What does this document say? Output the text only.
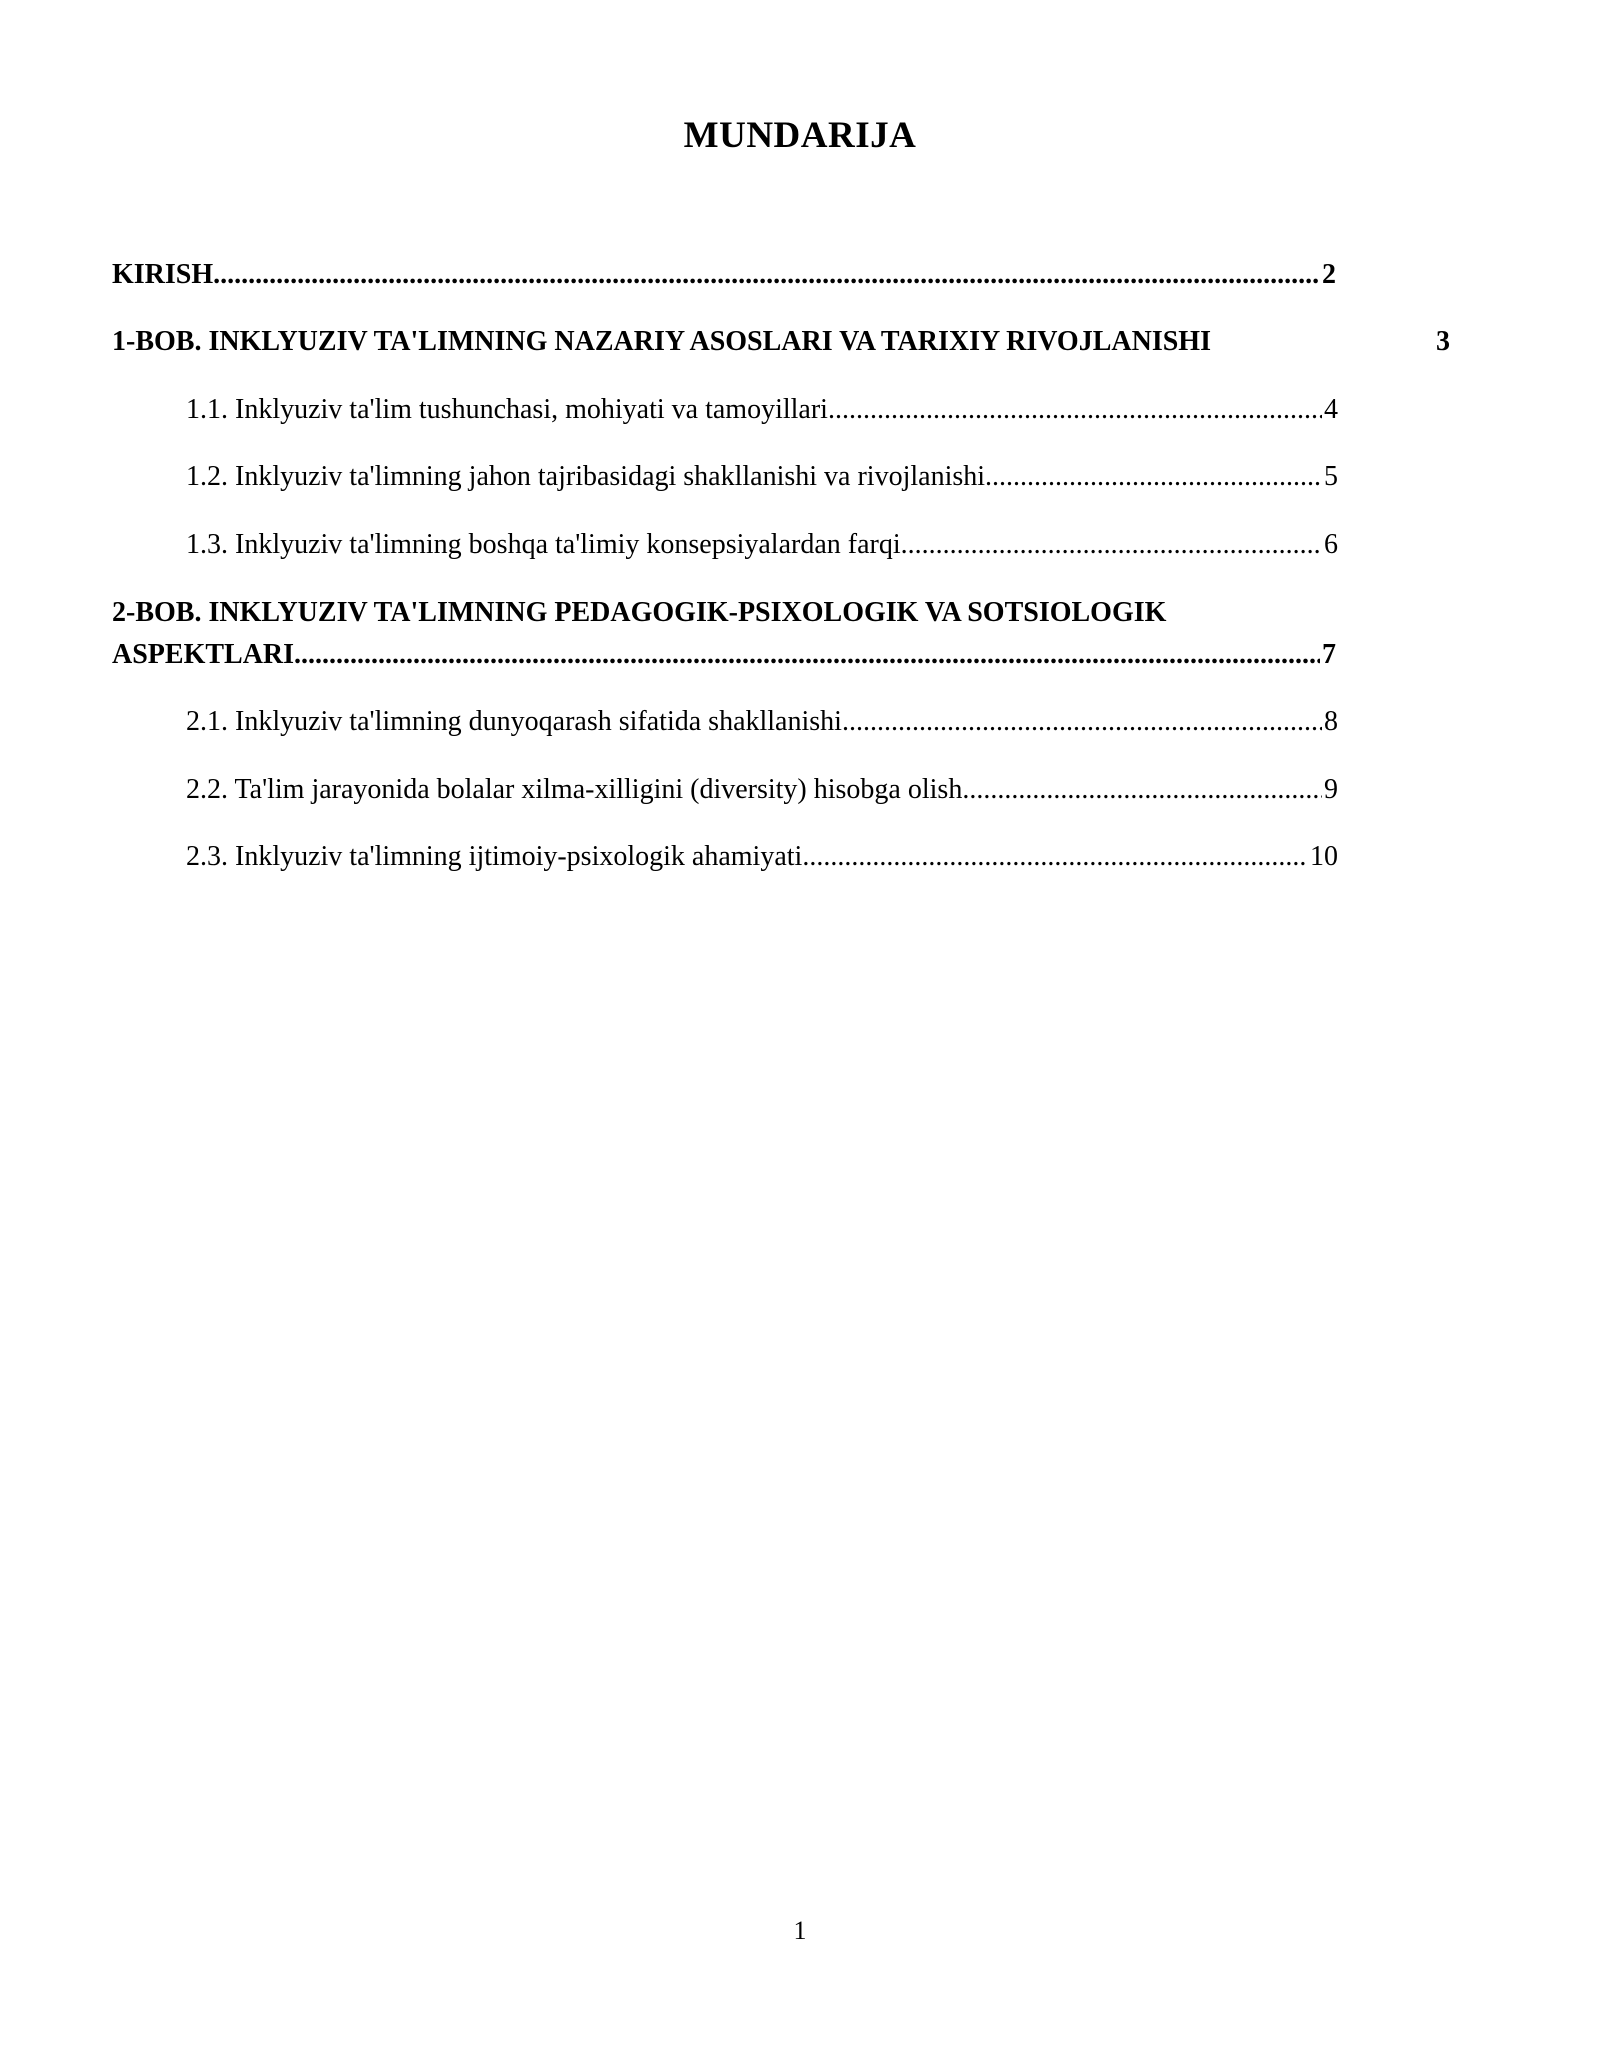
MUNDARIJA
KIRISH .....	2
1-BOB. INKLYUZIV TA'LIMNING NAZARIY ASOSLARI VA TARIXIY RIVOJLANISHI	3
1.1. Inklyuziv ta'lim tushunchasi, mohiyati va tamoyillari .....	4
1.2. Inklyuziv ta'limning jahon tajribasidagi shakllanishi va rivojlanishi .....	5
1.3. Inklyuziv ta'limning boshqa ta'limiy konsepsiyalardan farqi .....	6
2-BOB. INKLYUZIV TA'LIMNING PEDAGOGIK-PSIXOLOGIK VA SOTSIOLOGIK
ASPEKTLARI .....	7
2.1. Inklyuziv ta'limning dunyoqarash sifatida shakllanishi .....	8
2.2. Ta'lim jarayonida bolalar xilma-xilligini (diversity) hisobga olish .....	9
2.3. Inklyuziv ta'limning ijtimoiy-psixologik ahamiyati .....	10
1
